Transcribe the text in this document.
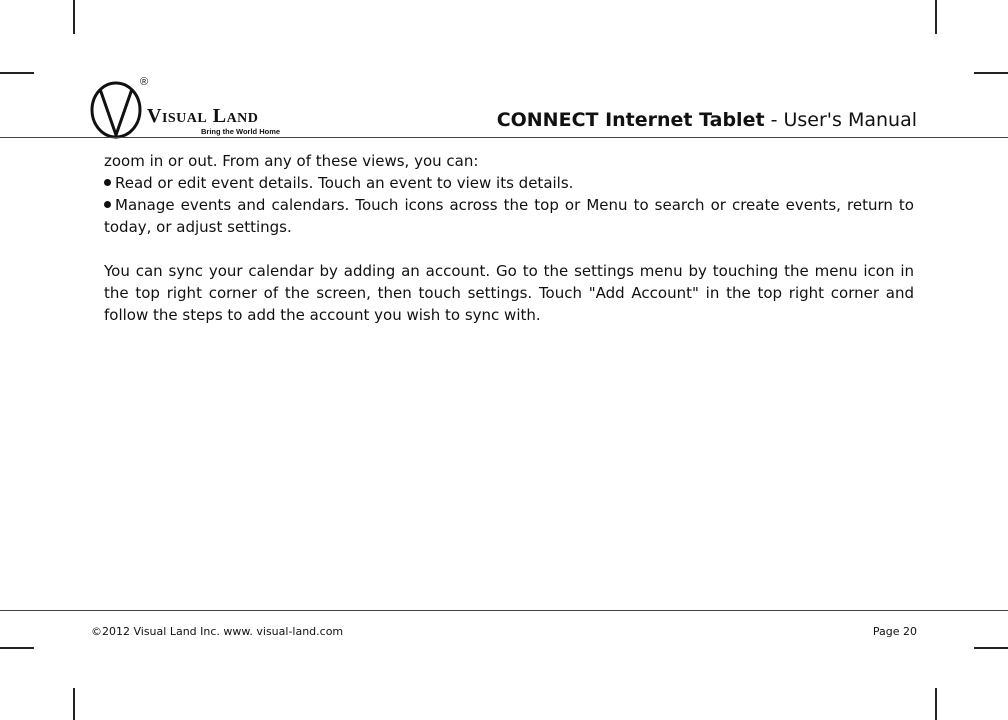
®
Visual Land
Bring the World Home
CONNECT Internet Tablet - User's Manual

zoom in or out. From any of these views, you can:

Read or edit event details. Touch an event to view its details.

Manage events and calendars. Touch icons across the top or Menu to search or create events, return to today, or adjust settings.

You can sync your calendar by adding an account. Go to the settings menu by touching the menu icon in the top right corner of the screen, then touch settings. Touch "Add Account" in the top right corner and follow the steps to add the account you wish to sync with.

©2012 Visual Land Inc. www. visual-land.com	Page 20
